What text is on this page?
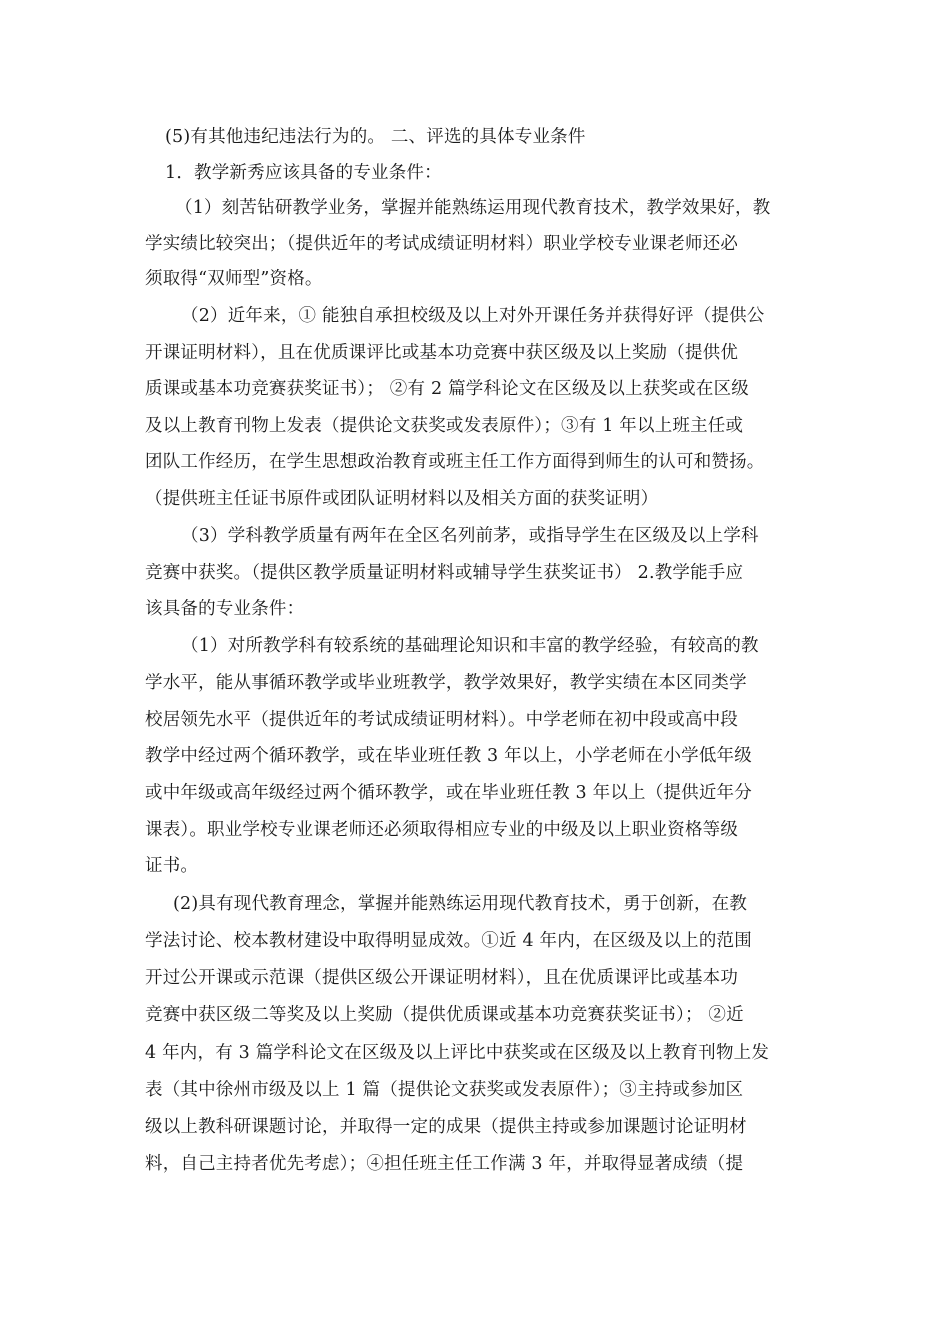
(5)有其他违纪违法行为的。 二、评选的具体专业条件
1．教学新秀应该具备的专业条件：
（1）刻苦钻研教学业务，掌握并能熟练运用现代教育技术，教学效果好，教
学实绩比较突出；（提供近年的考试成绩证明材料）职业学校专业课老师还必
须取得“双师型”资格。
（2）近年来，① 能独自承担校级及以上对外开课任务并获得好评（提供公
开课证明材料），且在优质课评比或基本功竞赛中获区级及以上奖励（提供优
质课或基本功竞赛获奖证书）； ②有 2 篇学科论文在区级及以上获奖或在区级
及以上教育刊物上发表（提供论文获奖或发表原件）；③有 1 年以上班主任或
团队工作经历，在学生思想政治教育或班主任工作方面得到师生的认可和赞扬。
（提供班主任证书原件或团队证明材料以及相关方面的获奖证明）
（3）学科教学质量有两年在全区名列前茅，或指导学生在区级及以上学科
竞赛中获奖。（提供区教学质量证明材料或辅导学生获奖证书） 2.教学能手应
该具备的专业条件：
（1）对所教学科有较系统的基础理论知识和丰富的教学经验，有较高的教
学水平，能从事循环教学或毕业班教学，教学效果好，教学实绩在本区同类学
校居领先水平（提供近年的考试成绩证明材料）。中学老师在初中段或高中段
教学中经过两个循环教学，或在毕业班任教 3 年以上，小学老师在小学低年级
或中年级或高年级经过两个循环教学，或在毕业班任教 3 年以上（提供近年分
课表）。职业学校专业课老师还必须取得相应专业的中级及以上职业资格等级
证书。
(2)具有现代教育理念，掌握并能熟练运用现代教育技术，勇于创新，在教
学法讨论、校本教材建设中取得明显成效。①近 4 年内，在区级及以上的范围
开过公开课或示范课（提供区级公开课证明材料），且在优质课评比或基本功
竞赛中获区级二等奖及以上奖励（提供优质课或基本功竞赛获奖证书）； ②近
4 年内，有 3 篇学科论文在区级及以上评比中获奖或在区级及以上教育刊物上发
表（其中徐州市级及以上 1 篇（提供论文获奖或发表原件）；③主持或参加区
级以上教科研课题讨论，并取得一定的成果（提供主持或参加课题讨论证明材
料，自己主持者优先考虑）；④担任班主任工作满 3 年，并取得显著成绩（提
